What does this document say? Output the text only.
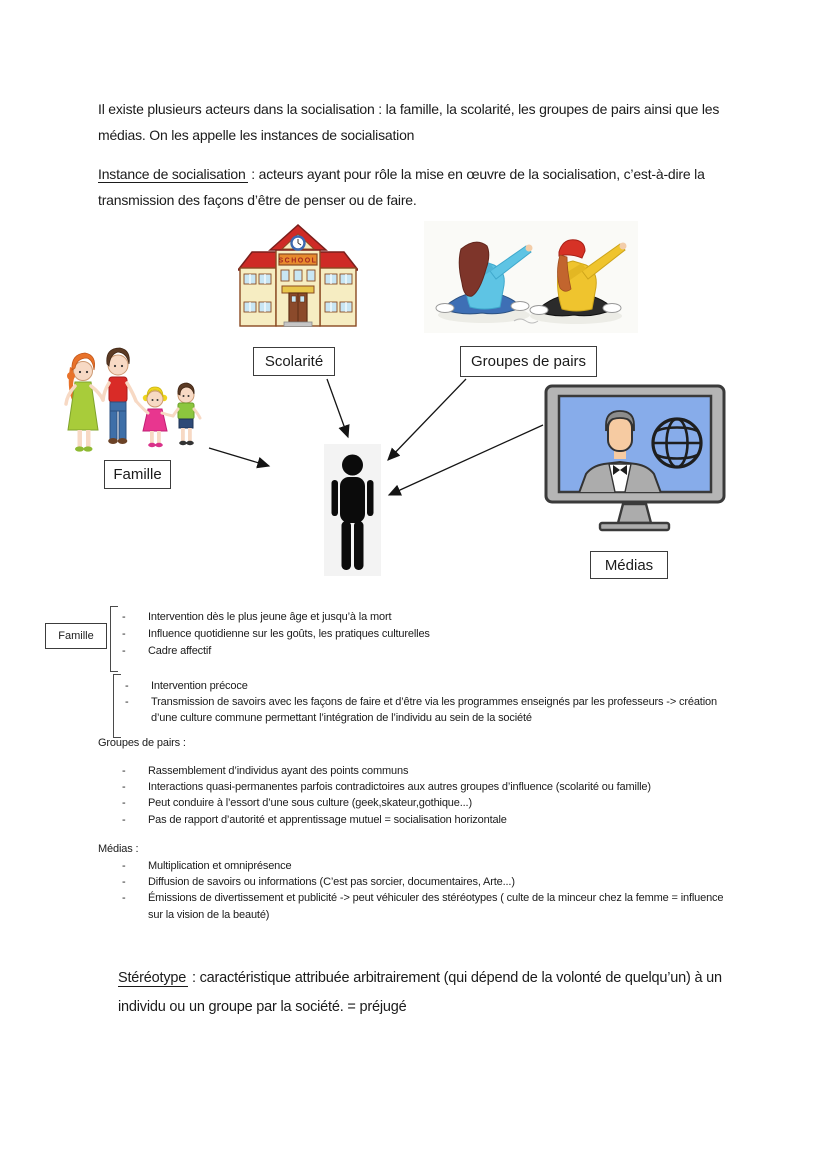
Il existe plusieurs acteurs dans la socialisation : la famille, la scolarité, les groupes de pairs ainsi que les médias. On les appelle les instances de socialisation
Instance de socialisation : acteurs ayant pour rôle la mise en œuvre de la socialisation, c’est-à-dire la transmission des façons d’être de penser ou de faire.
SCHOOL
Scolarité	Groupes de pairs
Famille
Médias
Famille
- Intervention dès le plus jeune âge et jusqu’à la mort
- Influence quotidienne sur les goûts, les pratiques culturelles
- Cadre affectif
- Intervention précoce
- Transmission de savoirs avec les façons de faire et d’être via les programmes enseignés par les professeurs -> création d’une culture commune permettant l’intégration de l’individu au sein de la société
Groupes de pairs :
- Rassemblement d’individus ayant des points communs
- Interactions quasi-permanentes parfois contradictoires aux autres groupes d’influence (scolarité ou famille)
- Peut conduire à l’essort d’une sous culture (geek,skateur,gothique...)
- Pas de rapport d’autorité et apprentissage mutuel = socialisation horizontale
Médias :
- Multiplication et omniprésence
- Diffusion de savoirs ou informations (C’est pas sorcier, documentaires, Arte...)
- Émissions de divertissement et publicité -> peut véhiculer des stéréotypes ( culte de la minceur chez la femme = influence sur la vision de la beauté)
Stéréotype : caractéristique attribuée arbitrairement (qui dépend de la volonté de quelqu’un) à un individu ou un groupe par la société. = préjugé
